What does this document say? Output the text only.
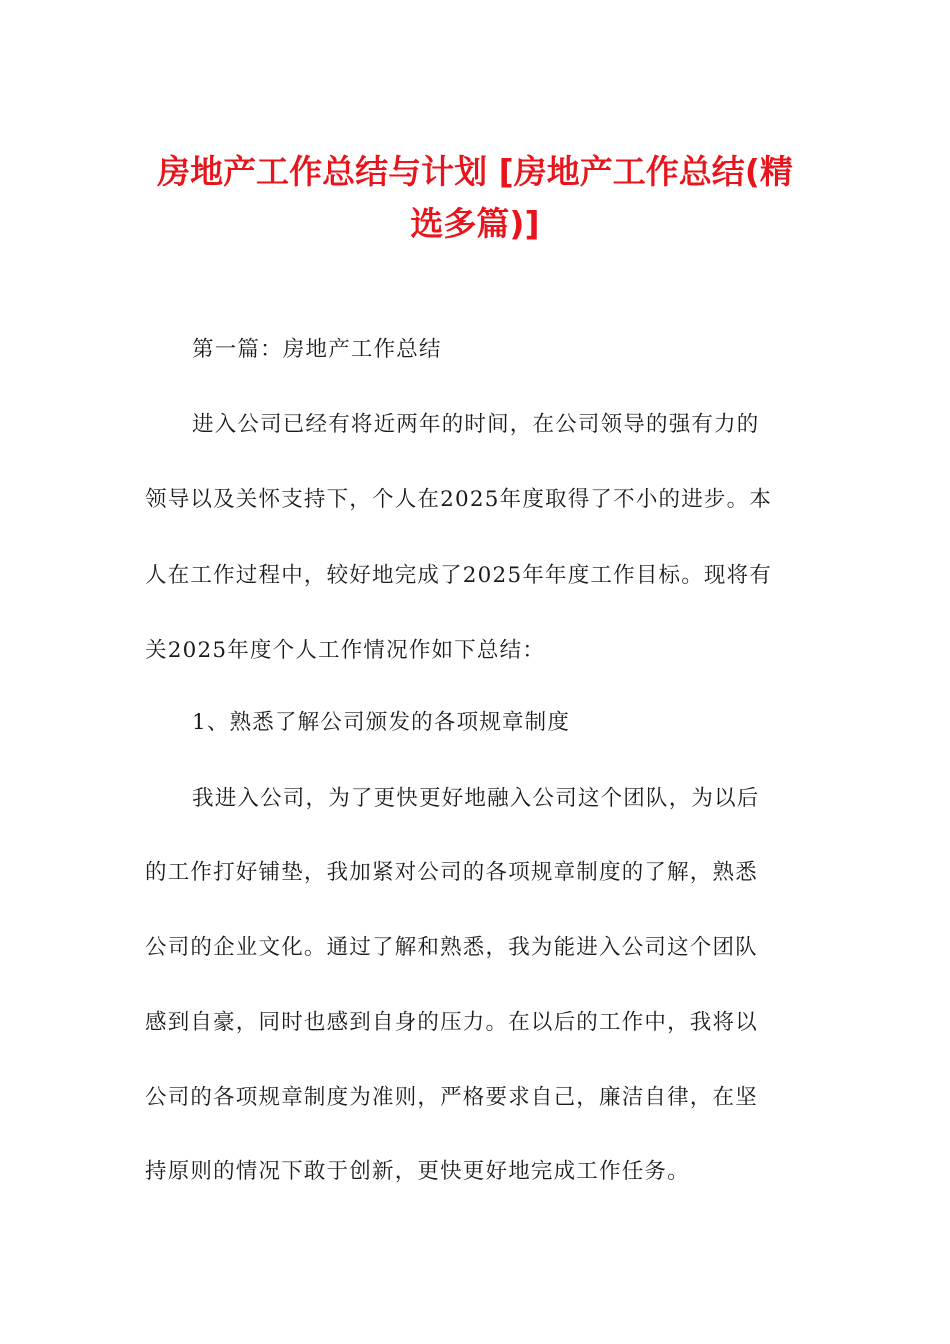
房地产工作总结与计划 [房地产工作总结(精
选多篇)]
第一篇：房地产工作总结
进入公司已经有将近两年的时间，在公司领导的强有力的
领导以及关怀支持下，个人在2025年度取得了不小的进步。本
人在工作过程中，较好地完成了2025年年度工作目标。现将有
关2025年度个人工作情况作如下总结：
1、熟悉了解公司颁发的各项规章制度
我进入公司，为了更快更好地融入公司这个团队，为以后
的工作打好铺垫，我加紧对公司的各项规章制度的了解，熟悉
公司的企业文化。通过了解和熟悉，我为能进入公司这个团队
感到自豪，同时也感到自身的压力。在以后的工作中，我将以
公司的各项规章制度为准则，严格要求自己，廉洁自律，在坚
持原则的情况下敢于创新，更快更好地完成工作任务。
